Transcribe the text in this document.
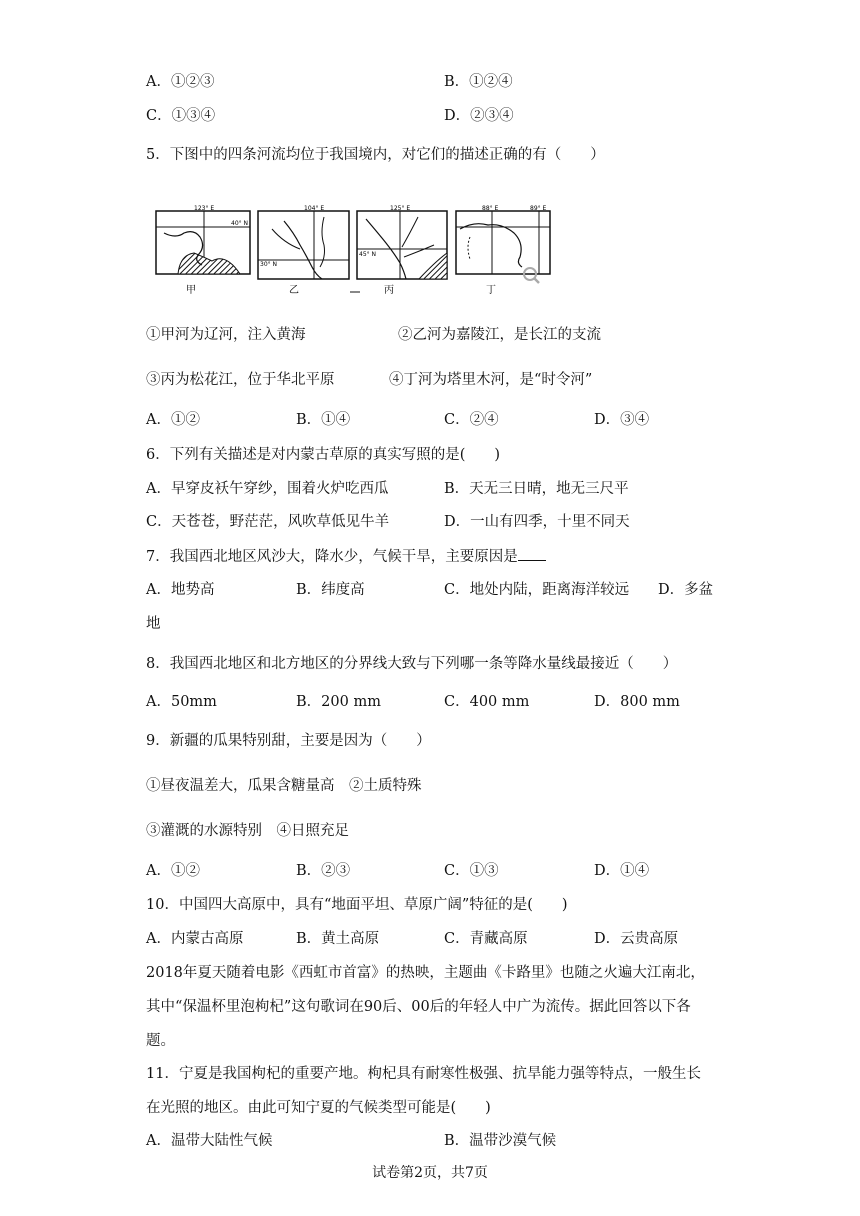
A．①②③	B．①②④
C．①③④	D．②③④
5．下图中的四条河流均位于我国境内，对它们的描述正确的有（　　）
123° E
40° N
104° E
30° N
125° E
45° N
88° E	89° E
甲	乙	丙	丁
①甲河为辽河，注入黄海	②乙河为嘉陵江，是长江的支流
③丙为松花江，位于华北平原	④丁河为塔里木河，是“时令河”
A．①②	B．①④	C．②④	D．③④
6．下列有关描述是对内蒙古草原的真实写照的是(　　)
A．早穿皮袄午穿纱，围着火炉吃西瓜	B．天无三日晴，地无三尺平
C．天苍苍，野茫茫，风吹草低见牛羊	D．一山有四季，十里不同天
7．我国西北地区风沙大，降水少，气候干旱，主要原因是
A．地势高	B．纬度高	C．地处内陆，距离海洋较远 D．多盆
地
8．我国西北地区和北方地区的分界线大致与下列哪一条等降水量线最接近（　　）
A．50mm	B．200 mm	C．400 mm	D．800 mm
9．新疆的瓜果特别甜，主要是因为（　　）
①昼夜温差大，瓜果含糖量高　②土质特殊
③灌溉的水源特别　④日照充足
A．①②	B．②③	C．①③	D．①④
10．中国四大高原中，具有“地面平坦、草原广阔”特征的是(　　)
A．内蒙古高原	B．黄土高原	C．青藏高原	D．云贵高原
2018年夏天随着电影《西虹市首富》的热映，主题曲《卡路里》也随之火遍大江南北，
其中“保温杯里泡枸杞”这句歌词在90后、00后的年轻人中广为流传。据此回答以下各
题。
11．宁夏是我国枸杞的重要产地。枸杞具有耐寒性极强、抗旱能力强等特点，一般生长
在光照的地区。由此可知宁夏的气候类型可能是(　　)
A．温带大陆性气候	B．温带沙漠气候
试卷第2页，共7页
